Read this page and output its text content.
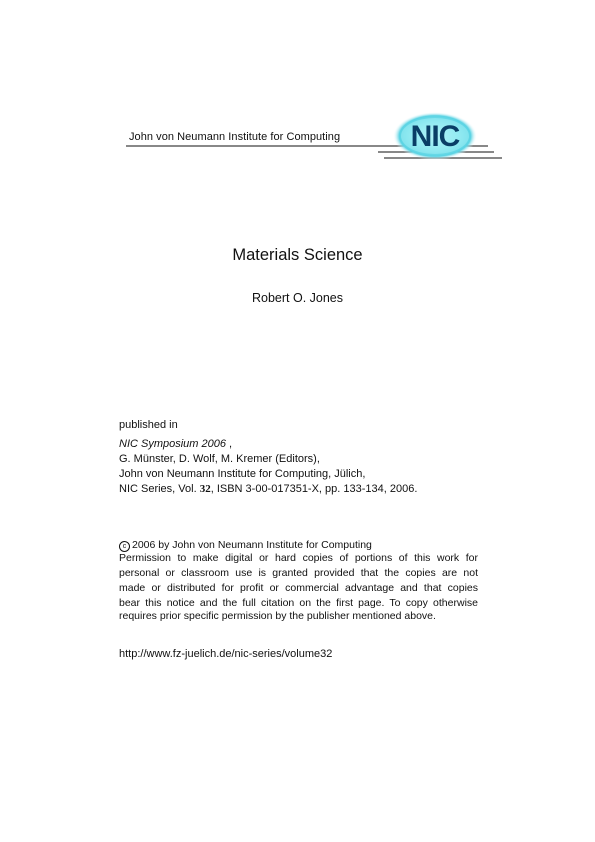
NIC
John von Neumann Institute for Computing
Materials Science
Robert O. Jones
published in
NIC Symposium 2006 ,
G. Münster, D. Wolf, M. Kremer (Editors),
John von Neumann Institute for Computing, Jülich,
NIC Series, Vol. 32, ISBN 3-00-017351-X, pp. 133-134, 2006.
c 2006 by John von Neumann Institute for Computing
Permission to make digital or hard copies of portions of this work for
personal or classroom use is granted provided that the copies are not
made or distributed for profit or commercial advantage and that copies
bear this notice and the full citation on the first page. To copy otherwise
requires prior specific permission by the publisher mentioned above.
http://www.fz-juelich.de/nic-series/volume32
